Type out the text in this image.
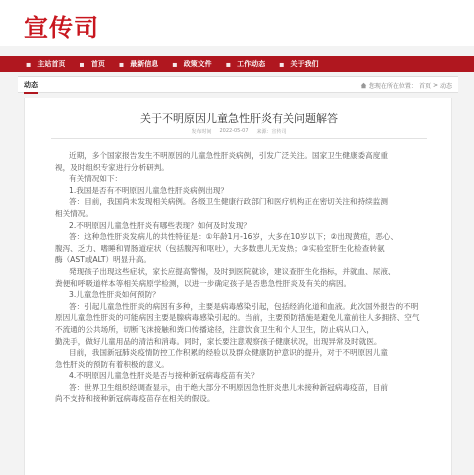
宣传司
▪ 主站首页 ▪ 首页 ▪ 最新信息 ▪ 政策文件 ▪ 工作动态 ▪ 关于我们
动态	您现在所在位置： 首页 > 动态
关于不明原因儿童急性肝炎有关问题解答
发布时间 2022-05-07 来源：宣传司

近期，多个国家报告发生不明原因的儿童急性肝炎病例，引发广泛关注。国家卫生健康委高度重

视，及时组织专家进行分析研判。

有关情况如下：

1.我国是否有不明原因儿童急性肝炎病例出现？

答：目前，我国尚未发现相关病例。各级卫生健康行政部门和医疗机构正在密切关注和持续监测

相关情况。

2.不明原因儿童急性肝炎有哪些表现？如何及时发现？

答：这种急性肝炎发病儿的共性特征是：①年龄1月-16岁，大多在10岁以下；②出现黄疸，恶心、

腹泻、乏力、嗜睡和胃肠道症状（包括腹泻和呕吐），大多数患儿无发热；③实验室肝生化检查转氨

酶（AST或ALT）明显升高。

発现孩子出现这些症状，家长应提高警惕，及时到医院就诊，建议查肝生化指标，并就血、尿液、

粪便和呼吸道样本等相关病原学检测，以进一步确定孩子是否患急性肝炎及有关的病因。

3.儿童急性肝炎如何预防？

答：引起儿童急性肝炎的病因有多种，主要是病毒感染引起，包括经消化道和血液。此次国外报告的不明

原因儿童急性肝炎的可能病因主要是腺病毒感染引起的。当前，主要预防措施是避免儿童前往人多拥挤、空气

不流通的公共场所，切断飞沫接触和粪口传播途径，注意饮食卫生和个人卫生，防止病从口入，

勤洗手，做好儿童用品的清洁和消毒。同时，家长要注意观察孩子健康状况，出现异常及时就医。

目前，我国新冠肺炎疫情防控工作积累的经验以及群众健康防护意识的提升，对于不明原因儿童

急性肝炎的预防有着积极的意义。

4.不明原因儿童急性肝炎是否与接种新冠病毒疫苗有关？

答：世界卫生组织经调查显示，由于绝大部分不明原因急性肝炎患儿未接种新冠病毒疫苗，目前

尚不支持和接种新冠病毒疫苗存在相关的假设。
